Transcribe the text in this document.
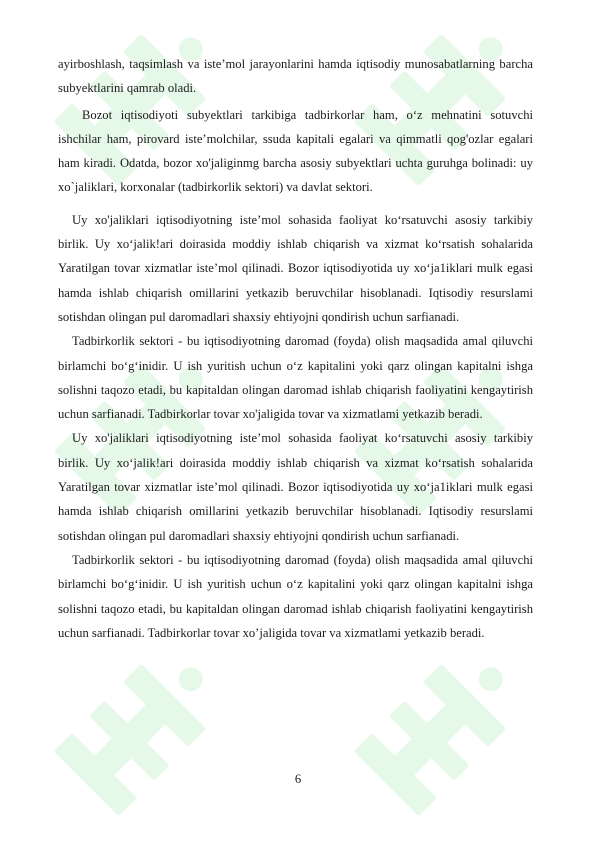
ayirboshlash, taqsimlash va iste’mol jarayonlarini hamda iqtisodiy munosabatlarning barcha subyektlarini qamrab oladi.

Bozot iqtisodiyoti subyektlari tarkibiga tadbirkorlar ham, o‘z mehnatini sotuvchi ishchilar ham, pirovard iste’molchilar, ssuda kapitali egalari va qimmatli qog'ozlar egalari ham kiradi. Odatda, bozor xo'jaliginmg barcha asosiy subyektlari uchta guruhga bolinadi: uy xo`jaliklari, korxonalar (tadbirkorlik sektori) va davlat sektori.

Uy xo'jaliklari iqtisodiyotning iste’mol sohasida faoliyat ko‘rsatuvchi asosiy tarkibiy birlik. Uy xo‘jalik!ari doirasida moddiy ishlab chiqarish va xizmat ko‘rsatish sohalarida Yaratilgan tovar xizmatlar iste’mol qilinadi. Bozor iqtisodiyotida uy xo‘ja1iklari mulk egasi hamda ishlab chiqarish omillarini yetkazib beruvchilar hisoblanadi. Iqtisodiy resurslami sotishdan olingan pul daromadlari shaxsiy ehtiyojni qondirish uchun sarfianadi.

Tadbirkorlik sektori - bu iqtisodiyotning daromad (foyda) olish maqsadida amal qiluvchi birlamchi bo‘g‘inidir. U ish yuritish uchun o‘z kapitalini yoki qarz olingan kapitalni ishga solishni taqozo etadi, bu kapitaldan olingan daromad ishlab chiqarish faoliyatini kengaytirish uchun sarfianadi. Tadbirkorlar tovar xo'jaligida tovar va xizmatlami yetkazib beradi.

Uy xo'jaliklari iqtisodiyotning iste’mol sohasida faoliyat ko‘rsatuvchi asosiy tarkibiy birlik. Uy xo‘jalik!ari doirasida moddiy ishlab chiqarish va xizmat ko‘rsatish sohalarida Yaratilgan tovar xizmatlar iste’mol qilinadi. Bozor iqtisodiyotida uy xo‘ja1iklari mulk egasi hamda ishlab chiqarish omillarini yetkazib beruvchilar hisoblanadi. Iqtisodiy resurslami sotishdan olingan pul daromadlari shaxsiy ehtiyojni qondirish uchun sarfianadi.

Tadbirkorlik sektori - bu iqtisodiyotning daromad (foyda) olish maqsadida amal qiluvchi birlamchi bo‘g‘inidir. U ish yuritish uchun o‘z kapitalini yoki qarz olingan kapitalni ishga solishni taqozo etadi, bu kapitaldan olingan daromad ishlab chiqarish faoliyatini kengaytirish uchun sarfianadi. Tadbirkorlar tovar xo’jaligida tovar va xizmatlami yetkazib beradi.

6
